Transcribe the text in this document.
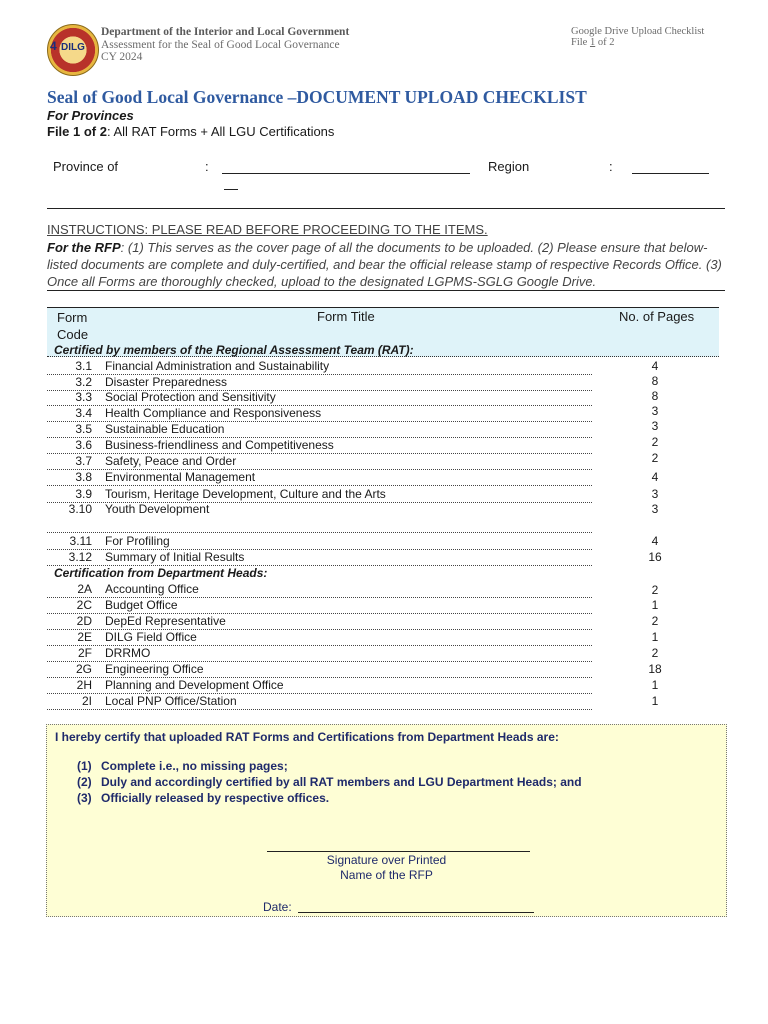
4 DILG
Department of the Interior and Local Government
Assessment for the Seal of Good Local Governance
CY 2024
Google Drive Upload Checklist
File 1 of 2
Seal of Good Local Governance –DOCUMENT UPLOAD CHECKLIST
For Provinces
File 1 of 2: All RAT Forms + All LGU Certifications
Province of	:	Region	:
INSTRUCTIONS: PLEASE READ BEFORE PROCEEDING TO THE ITEMS.
For the RFP: (1) This serves as the cover page of all the documents to be uploaded. (2) Please ensure that below-listed documents are complete and duly-certified, and bear the official release stamp of respective Records Office. (3) Once all Forms are thoroughly checked, upload to the designated LGPMS-SGLG Google Drive.
Form
Code
Form Title	No. of Pages
Certified by members of the Regional Assessment Team (RAT):
3.1 Financial Administration and Sustainability	4
3.2 Disaster Preparedness	8
3.3 Social Protection and Sensitivity	8
3.4 Health Compliance and Responsiveness	3
3.5 Sustainable Education	3
3.6 Business-friendliness and Competitiveness	2
3.7 Safety, Peace and Order	2
3.8 Environmental Management	4
3.9 Tourism, Heritage Development, Culture and the Arts	3
3.10 Youth Development	3
3.11 For Profiling	4
3.12 Summary of Initial Results	16
Certification from Department Heads:
2A Accounting Office	2
2C Budget Office	1
2D DepEd Representative	2
2E DILG Field Office	1
2F DRRMO	2
2G Engineering Office	18
2H Planning and Development Office	1
2I Local PNP Office/Station	1
I hereby certify that uploaded RAT Forms and Certifications from Department Heads are:
(1) Complete i.e., no missing pages;
(2) Duly and accordingly certified by all RAT members and LGU Department Heads; and
(3) Officially released by respective offices.
Signature over Printed
Name of the RFP
Date:
